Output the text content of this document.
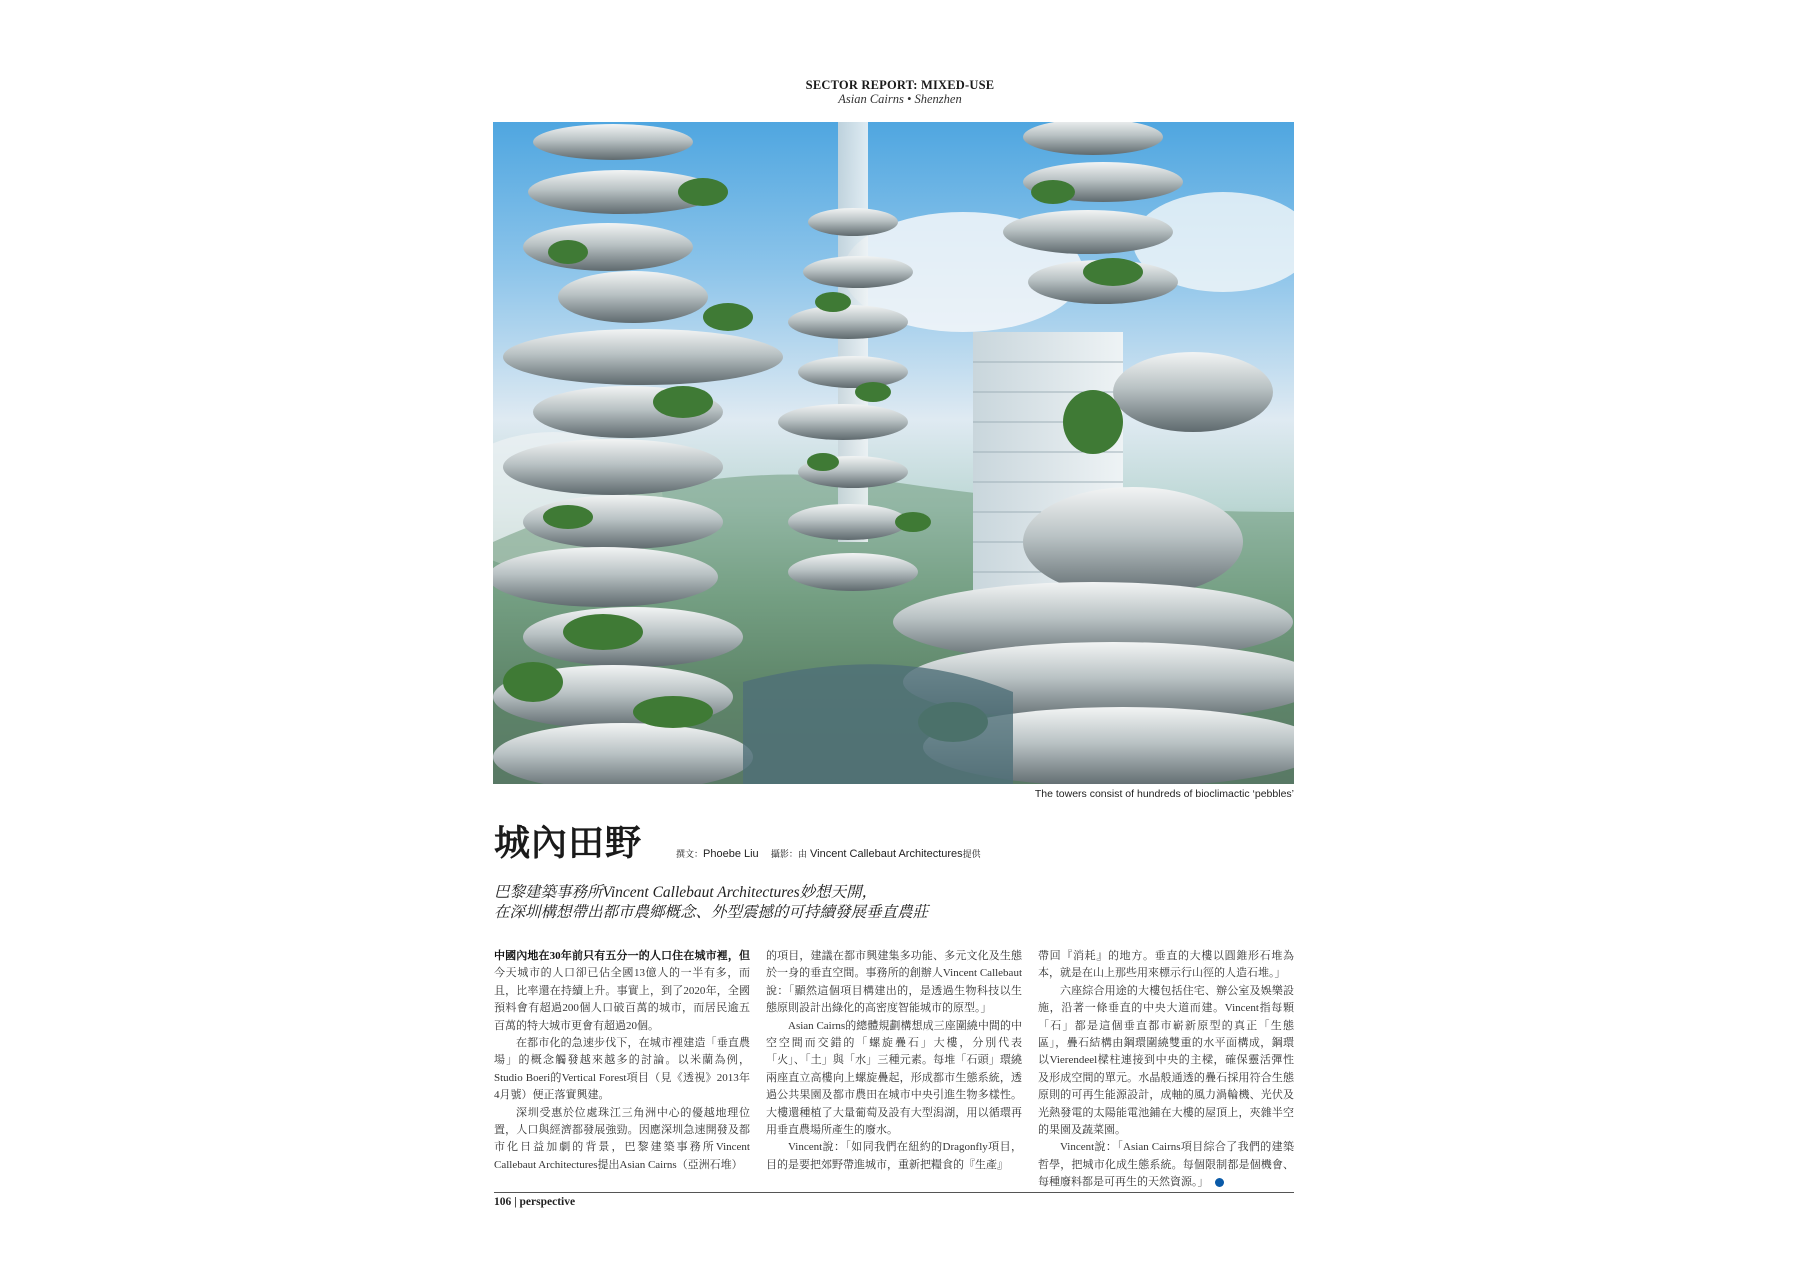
SECTOR REPORT: MIXED-USE
Asian Cairns • Shenzhen
The towers consist of hundreds of bioclimactic ‘pebbles’
城內田野	撰文：Phoebe Liu 攝影：由 Vincent Callebaut Architectures提供
巴黎建築事務所Vincent Callebaut Architectures妙想天開，
在深圳構想帶出都市農鄉概念、外型震撼的可持續發展垂直農莊

中國內地在30年前只有五分一的人口住在城市裡，但今天城市的人口卻已佔全國13億人的一半有多，而且，比率還在持續上升。事實上，到了2020年，全國預料會有超過200個人口破百萬的城市，而居民逾五百萬的特大城市更會有超過20個。

在都市化的急速步伐下，在城市裡建造「垂直農場」的概念觸發越來越多的討論。以米蘭為例，Studio Boeri的Vertical Forest項目（見《透視》2013年4月號）便正落實興建。

深圳受惠於位處珠江三角洲中心的優越地理位置，人口與經濟都發展強勁。因應深圳急速開發及都市化日益加劇的背景，巴黎建築事務所Vincent Callebaut Architectures提出Asian Cairns（亞洲石堆）

的項目，建議在都市興建集多功能、多元文化及生態於一身的垂直空間。事務所的創辦人Vincent Callebaut說：「顯然這個項目構建出的，是透過生物科技以生態原則設計出綠化的高密度智能城市的原型。」

Asian Cairns的總體規劃構想成三座圍繞中間的中空空間而交錯的「螺旋疊石」大樓，分別代表「火」、「土」與「水」三種元素。每堆「石頭」環繞兩座直立高樓向上螺旋疊起，形成都市生態系統，透過公共果園及都市農田在城市中央引進生物多樣性。大樓還種植了大量葡萄及設有大型潟湖，用以循環再用垂直農場所產生的廢水。

Vincent說：「如同我們在紐約的Dragonfly項目，目的是要把郊野帶進城市，重新把糧食的『生產』

帶回『消耗』的地方。垂直的大樓以圓錐形石堆為本，就是在山上那些用來標示行山徑的人造石堆。」

六座綜合用途的大樓包括住宅、辦公室及娛樂設施，沿著一條垂直的中央大道而建。Vincent指每顆「石」都是這個垂直都市嶄新原型的真正「生態區」，疊石結構由鋼環圍繞雙重的水平面構成，鋼環以Vierendeel樑柱連接到中央的主樑，確保靈活彈性及形成空間的單元。水晶般通透的疊石採用符合生態原則的可再生能源設計，成軸的風力渦輪機、光伏及光熱發電的太陽能電池鋪在大樓的屋頂上，夾雜半空的果園及蔬菜園。

Vincent說：「Asian Cairns項目綜合了我們的建築哲學，把城市化成生態系統。每個限制都是個機會、每種廢料都是可再生的天然資源。」

106 | perspective
